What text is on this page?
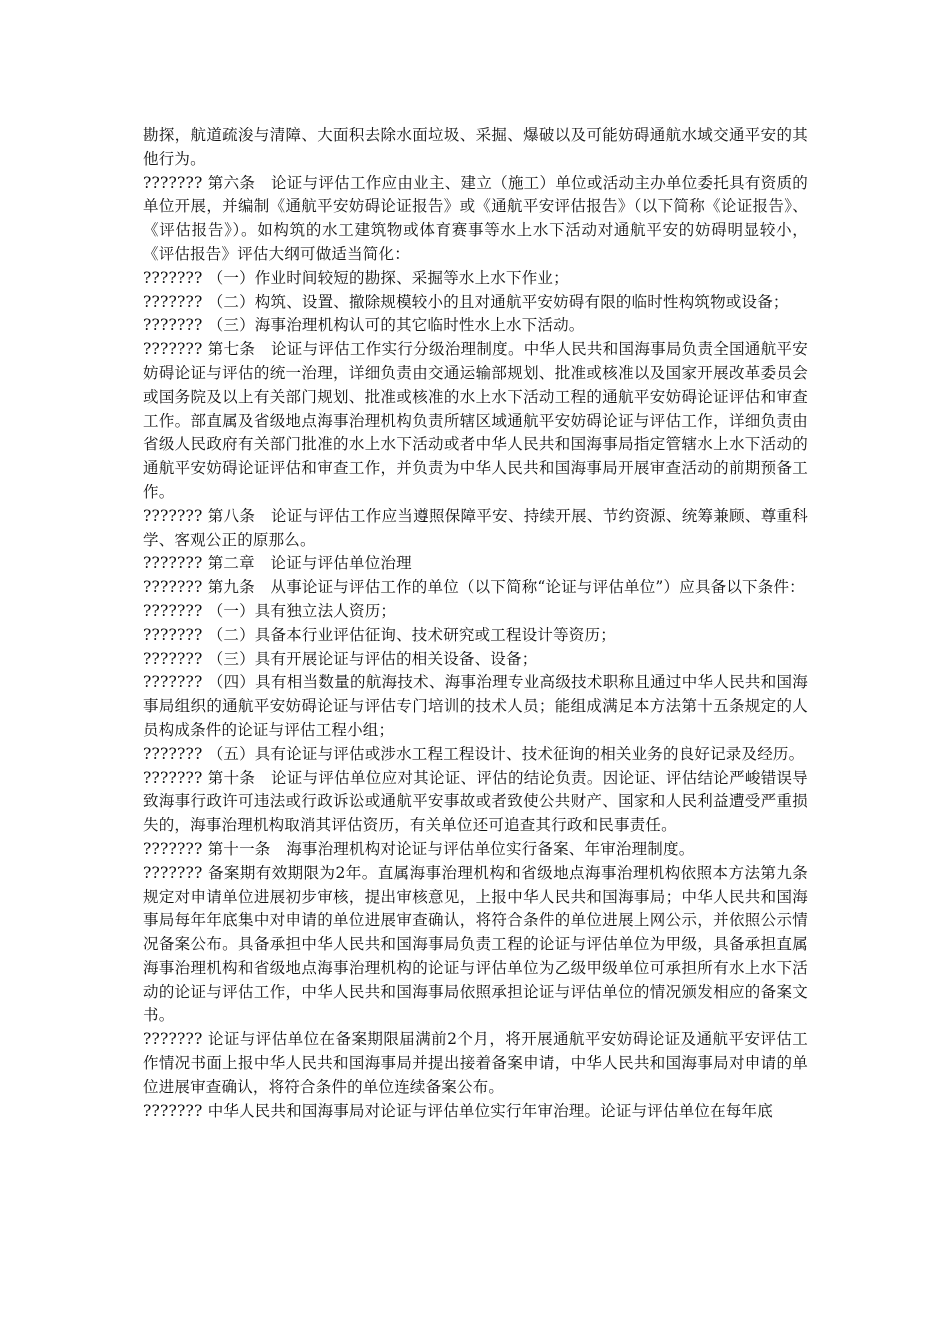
勘探，航道疏浚与清障、大面积去除水面垃圾、采掘、爆破以及可能妨碍通航水域交通平安的其他行为。

??????? 第六条　论证与评估工作应由业主、建立（施工）单位或活动主办单位委托具有资质的单位开展，并编制《通航平安妨碍论证报告》或《通航平安评估报告》（以下简称《论证报告》、《评估报告》）。如构筑的水工建筑物或体育赛事等水上水下活动对通航平安的妨碍明显较小，《评估报告》评估大纲可做适当简化：

??????? （一）作业时间较短的勘探、采掘等水上水下作业；

??????? （二）构筑、设置、撤除规模较小的且对通航平安妨碍有限的临时性构筑物或设备；

??????? （三）海事治理机构认可的其它临时性水上水下活动。

??????? 第七条　论证与评估工作实行分级治理制度。中华人民共和国海事局负责全国通航平安妨碍论证与评估的统一治理，详细负责由交通运输部规划、批准或核准以及国家开展改革委员会或国务院及以上有关部门规划、批准或核准的水上水下活动工程的通航平安妨碍论证评估和审查工作。部直属及省级地点海事治理机构负责所辖区域通航平安妨碍论证与评估工作，详细负责由省级人民政府有关部门批准的水上水下活动或者中华人民共和国海事局指定管辖水上水下活动的通航平安妨碍论证评估和审查工作，并负责为中华人民共和国海事局开展审查活动的前期预备工作。

??????? 第八条　论证与评估工作应当遵照保障平安、持续开展、节约资源、统筹兼顾、尊重科学、客观公正的原那么。

??????? 第二章　论证与评估单位治理

??????? 第九条　从事论证与评估工作的单位（以下简称“论证与评估单位”）应具备以下条件：

??????? （一）具有独立法人资历；

??????? （二）具备本行业评估征询、技术研究或工程设计等资历；

??????? （三）具有开展论证与评估的相关设备、设备；

??????? （四）具有相当数量的航海技术、海事治理专业高级技术职称且通过中华人民共和国海事局组织的通航平安妨碍论证与评估专门培训的技术人员；能组成满足本方法第十五条规定的人员构成条件的论证与评估工程小组；

??????? （五）具有论证与评估或涉水工程工程设计、技术征询的相关业务的良好记录及经历。

??????? 第十条　论证与评估单位应对其论证、评估的结论负责。因论证、评估结论严峻错误导致海事行政许可违法或行政诉讼或通航平安事故或者致使公共财产、国家和人民利益遭受严重损失的，海事治理机构取消其评估资历，有关单位还可追查其行政和民事责任。

??????? 第十一条　海事治理机构对论证与评估单位实行备案、年审治理制度。

??????? 备案期有效期限为2年。直属海事治理机构和省级地点海事治理机构依照本方法第九条规定对申请单位进展初步审核，提出审核意见，上报中华人民共和国海事局；中华人民共和国海事局每年年底集中对申请的单位进展审查确认，将符合条件的单位进展上网公示，并依照公示情况备案公布。具备承担中华人民共和国海事局负责工程的论证与评估单位为甲级，具备承担直属海事治理机构和省级地点海事治理机构的论证与评估单位为乙级甲级单位可承担所有水上水下活动的论证与评估工作，中华人民共和国海事局依照承担论证与评估单位的情况颁发相应的备案文书。

??????? 论证与评估单位在备案期限届满前2个月，将开展通航平安妨碍论证及通航平安评估工作情况书面上报中华人民共和国海事局并提出接着备案申请，中华人民共和国海事局对申请的单位进展审查确认，将符合条件的单位连续备案公布。

??????? 中华人民共和国海事局对论证与评估单位实行年审治理。论证与评估单位在每年底
